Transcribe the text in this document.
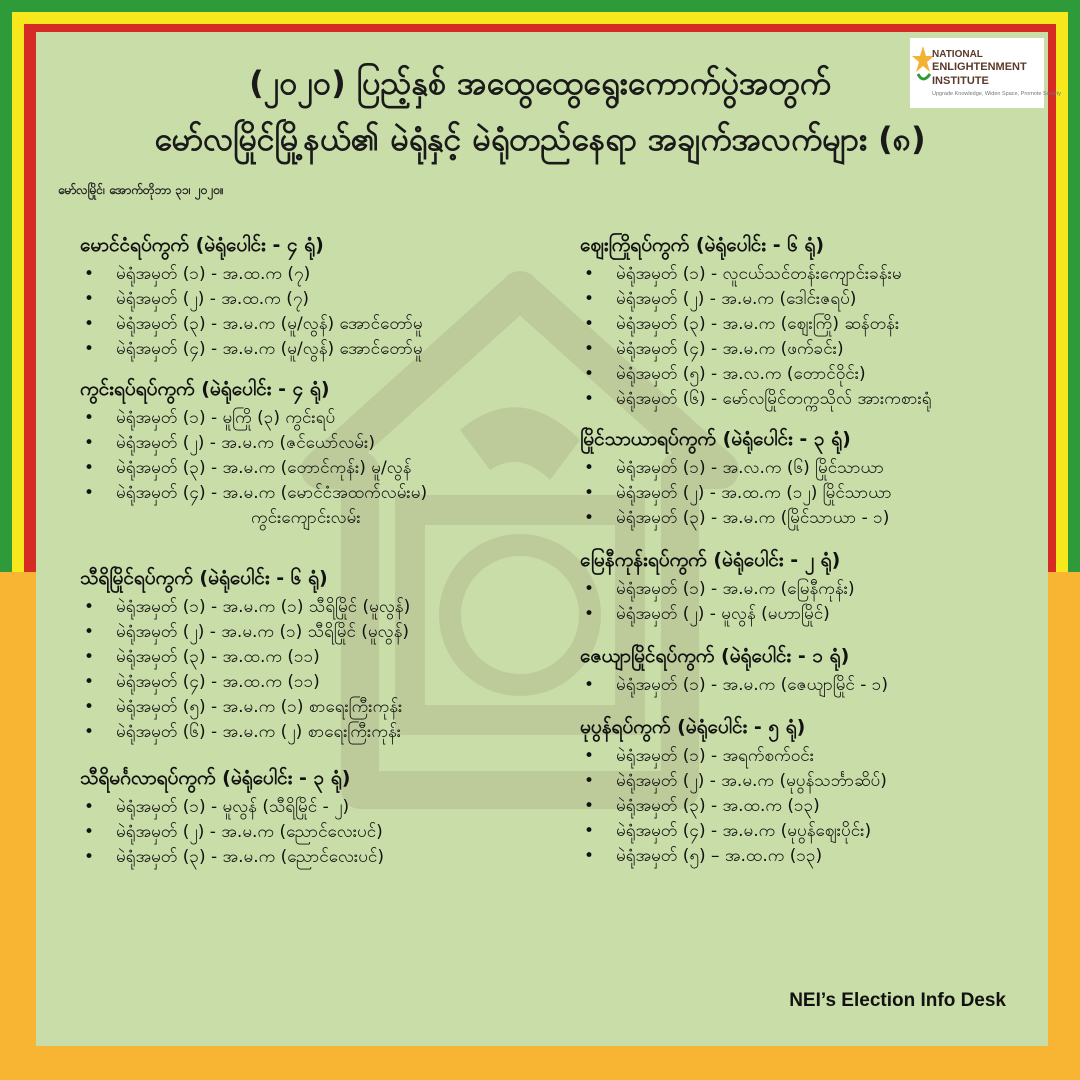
(၂၀၂၀) ပြည့်နှစ် အထွေထွေရွေးကောက်ပွဲအတွက်
မော်လမြိုင်မြို့နယ်၏ မဲရုံနှင့် မဲရုံတည်နေရာ အချက်အလက်များ (၈)
NATIONAL
ENLIGHTENMENT
INSTITUTE
Upgrade Knowledge, Widen Space, Promote Society
မော်လမြိုင်၊ အောက်တိုဘာ ၃၁၊ ၂၀၂၀။
မောင်ငံရပ်ကွက် (မဲရုံပေါင်း - ၄ ရုံ)
• မဲရုံအမှတ် (၁) - အ.ထ.က (၇)
• မဲရုံအမှတ် (၂) - အ.ထ.က (၇)
• မဲရုံအမှတ် (၃) - အ.မ.က (မူ/လွန်) အောင်တော်မူ
• မဲရုံအမှတ် (၄) - အ.မ.က (မူ/လွန်) အောင်တော်မူ
ကွင်းရပ်ရပ်ကွက် (မဲရုံပေါင်း - ၄ ရုံ)
• မဲရုံအမှတ် (၁) - မူကြို (၃) ကွင်းရပ်
• မဲရုံအမှတ် (၂) - အ.မ.က (ဇင်ယော်လမ်း)
• မဲရုံအမှတ် (၃) - အ.မ.က (တောင်ကုန်း) မူ/လွန်
• မဲရုံအမှတ် (၄) - အ.မ.က (မောင်ငံအထက်လမ်းမ)
ကွင်းကျောင်းလမ်း
သီရိမြိုင်ရပ်ကွက် (မဲရုံပေါင်း - ၆ ရုံ)
• မဲရုံအမှတ် (၁) - အ.မ.က (၁) သီရိမြိုင် (မူလွန်)
• မဲရုံအမှတ် (၂) - အ.မ.က (၁) သီရိမြိုင် (မူလွန်)
• မဲရုံအမှတ် (၃) - အ.ထ.က (၁၁)
• မဲရုံအမှတ် (၄) - အ.ထ.က (၁၁)
• မဲရုံအမှတ် (၅) - အ.မ.က (၁) စာရေးကြီးကုန်း
• မဲရုံအမှတ် (၆) - အ.မ.က (၂) စာရေးကြီးကုန်း
သီရိမင်္ဂလာရပ်ကွက် (မဲရုံပေါင်း - ၃ ရုံ)
• မဲရုံအမှတ် (၁) - မူလွန် (သီရိမြိုင် - ၂)
• မဲရုံအမှတ် (၂) - အ.မ.က (ညောင်လေးပင်)
• မဲရုံအမှတ် (၃) - အ.မ.က (ညောင်လေးပင်)
ဈေးကြိုရပ်ကွက် (မဲရုံပေါင်း - ၆ ရုံ)
• မဲရုံအမှတ် (၁) - လူငယ်သင်တန်းကျောင်းခန်းမ
• မဲရုံအမှတ် (၂) - အ.မ.က (ဒေါင်းဇရပ်)
• မဲရုံအမှတ် (၃) - အ.မ.က (ဈေးကြို) ဆန်တန်း
• မဲရုံအမှတ် (၄) - အ.မ.က (ဖက်ခင်း)
• မဲရုံအမှတ် (၅) - အ.လ.က (တောင်ဝိုင်း)
• မဲရုံအမှတ် (၆) - မော်လမြိုင်တက္ကသိုလ် အားကစားရုံ
မြိုင်သာယာရပ်ကွက် (မဲရုံပေါင်း - ၃ ရုံ)
• မဲရုံအမှတ် (၁) - အ.လ.က (၆) မြိုင်သာယာ
• မဲရုံအမှတ် (၂) - အ.ထ.က (၁၂) မြိုင်သာယာ
• မဲရုံအမှတ် (၃) - အ.မ.က (မြိုင်သာယာ - ၁)
မြေနီကုန်းရပ်ကွက် (မဲရုံပေါင်း - ၂ ရုံ)
• မဲရုံအမှတ် (၁) - အ.မ.က (မြေနီကုန်း)
• မဲရုံအမှတ် (၂) - မူလွန် (မဟာမြိုင်)
ဇေယျာမြိုင်ရပ်ကွက် (မဲရုံပေါင်း - ၁ ရုံ)
• မဲရုံအမှတ် (၁) - အ.မ.က (ဇေယျာမြိုင် - ၁)
မုပွန်ရပ်ကွက် (မဲရုံပေါင်း - ၅ ရုံ)
• မဲရုံအမှတ် (၁) - အရက်စက်ဝင်း
• မဲရုံအမှတ် (၂) - အ.မ.က (မုပွန်သင်္ဘာဆိပ်)
• မဲရုံအမှတ် (၃) - အ.ထ.က (၁၃)
• မဲရုံအမှတ် (၄) - အ.မ.က (မုပွန်ဈေးပိုင်း)
• မဲရုံအမှတ် (၅) – အ.ထ.က (၁၃)
NEI’s Election Info Desk
